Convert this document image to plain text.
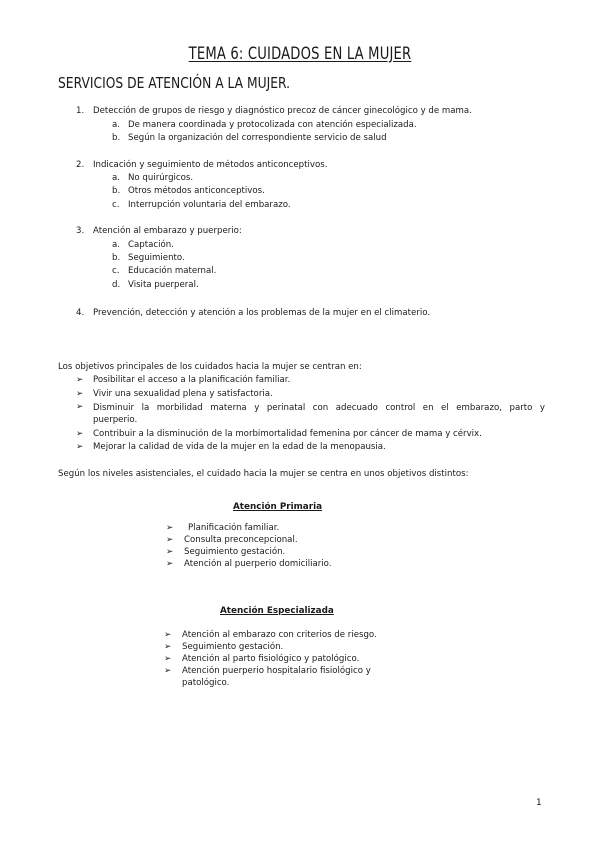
TEMA 6: CUIDADOS EN LA MUJER
SERVICIOS DE ATENCIÓN A LA MUJER.
1. Detección de grupos de riesgo y diagnóstico precoz de cáncer ginecológico y de mama.
a. De manera coordinada y protocolizada con atención especializada.
b. Según la organización del correspondiente servicio de salud
2. Indicación y seguimiento de métodos anticonceptivos.
a. No quirúrgicos.
b. Otros métodos anticonceptivos.
c. Interrupción voluntaria del embarazo.
3. Atención al embarazo y puerperio:
a. Captación.
b. Seguimiento.
c. Educación maternal.
d. Visita puerperal.
4. Prevención, detección y atención a los problemas de la mujer en el climaterio.
Los objetivos principales de los cuidados hacia la mujer se centran en:
➢ Posibilitar el acceso a la planificación familiar.
➢ Vivir una sexualidad plena y satisfactoria.
➢ Disminuir la morbilidad materna y perinatal con adecuado control en el embarazo, parto y
puerperio.
➢ Contribuir a la disminución de la morbimortalidad femenina por cáncer de mama y cérvix.
➢ Mejorar la calidad de vida de la mujer en la edad de la menopausia.
Según los niveles asistenciales, el cuidado hacia la mujer se centra en unos objetivos distintos:
Atención Primaria
➢ Planificación familiar.
➢ Consulta preconcepcional.
➢ Seguimiento gestación.
➢ Atención al puerperio domiciliario.
Atención Especializada
➢ Atención al embarazo con criterios de riesgo.
➢ Seguimiento gestación.
➢ Atención al parto fisiológico y patológico.
➢ Atención puerperio hospitalario fisiológico y
patológico.
1
